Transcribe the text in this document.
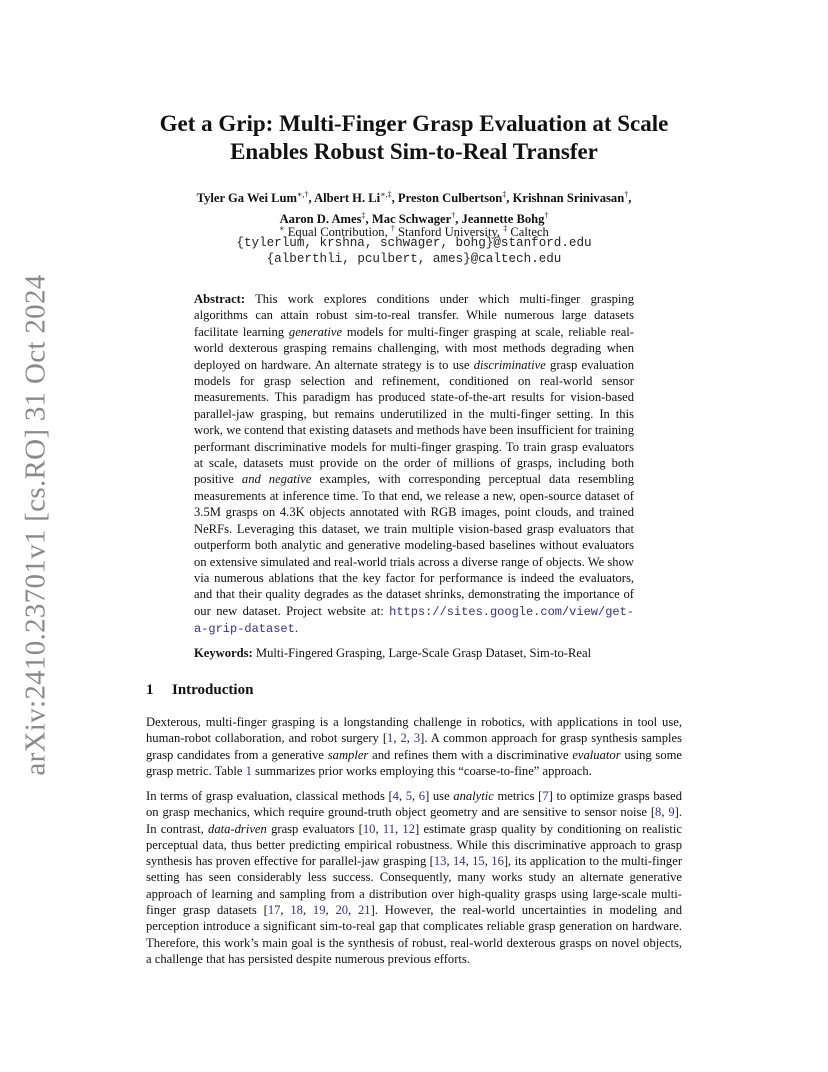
arXiv:2410.23701v1 [cs.RO] 31 Oct 2024
Get a Grip: Multi-Finger Grasp Evaluation at Scale
Enables Robust Sim-to-Real Transfer
Tyler Ga Wei Lum∗,†, Albert H. Li∗,‡, Preston Culbertson‡, Krishnan Srinivasan†,
Aaron D. Ames‡, Mac Schwager†, Jeannette Bohg†
∗ Equal Contribution, † Stanford University, ‡ Caltech
{tylerlum, krshna, schwager, bohg}@stanford.edu
{alberthli, pculbert, ames}@caltech.edu
Abstract: This work explores conditions under which multi-finger grasping algorithms can attain robust sim-to-real transfer. While numerous large datasets facilitate learning generative models for multi-finger grasping at scale, reliable real-world dexterous grasping remains challenging, with most methods degrading when deployed on hardware. An alternate strategy is to use discriminative grasp evaluation models for grasp selection and refinement, conditioned on real-world sensor measurements. This paradigm has produced state-of-the-art results for vision-based parallel-jaw grasping, but remains underutilized in the multi-finger setting. In this work, we contend that existing datasets and methods have been insufficient for training performant discriminative models for multi-finger grasping. To train grasp evaluators at scale, datasets must provide on the order of millions of grasps, including both positive and negative examples, with corresponding perceptual data resembling measurements at inference time. To that end, we release a new, open-source dataset of 3.5M grasps on 4.3K objects annotated with RGB images, point clouds, and trained NeRFs. Leveraging this dataset, we train multiple vision-based grasp evaluators that outperform both analytic and generative modeling-based baselines without evaluators on extensive simulated and real-world trials across a diverse range of objects. We show via numerous ablations that the key factor for performance is indeed the evaluators, and that their quality degrades as the dataset shrinks, demonstrating the importance of our new dataset. Project website at: https://sites.google.com/view/get-a-grip-dataset.
Keywords: Multi-Fingered Grasping, Large-Scale Grasp Dataset, Sim-to-Real
1 Introduction
Dexterous, multi-finger grasping is a longstanding challenge in robotics, with applications in tool use, human-robot collaboration, and robot surgery [1, 2, 3]. A common approach for grasp synthesis samples grasp candidates from a generative sampler and refines them with a discriminative evaluator using some grasp metric. Table 1 summarizes prior works employing this “coarse-to-fine” approach.
In terms of grasp evaluation, classical methods [4, 5, 6] use analytic metrics [7] to optimize grasps based on grasp mechanics, which require ground-truth object geometry and are sensitive to sensor noise [8, 9]. In contrast, data-driven grasp evaluators [10, 11, 12] estimate grasp quality by conditioning on realistic perceptual data, thus better predicting empirical robustness. While this discriminative approach to grasp synthesis has proven effective for parallel-jaw grasping [13, 14, 15, 16], its application to the multi-finger setting has seen considerably less success. Consequently, many works study an alternate generative approach of learning and sampling from a distribution over high-quality grasps using large-scale multi-finger grasp datasets [17, 18, 19, 20, 21]. However, the real-world uncertainties in modeling and perception introduce a significant sim-to-real gap that complicates reliable grasp generation on hardware. Therefore, this work’s main goal is the synthesis of robust, real-world dexterous grasps on novel objects, a challenge that has persisted despite numerous previous efforts.
